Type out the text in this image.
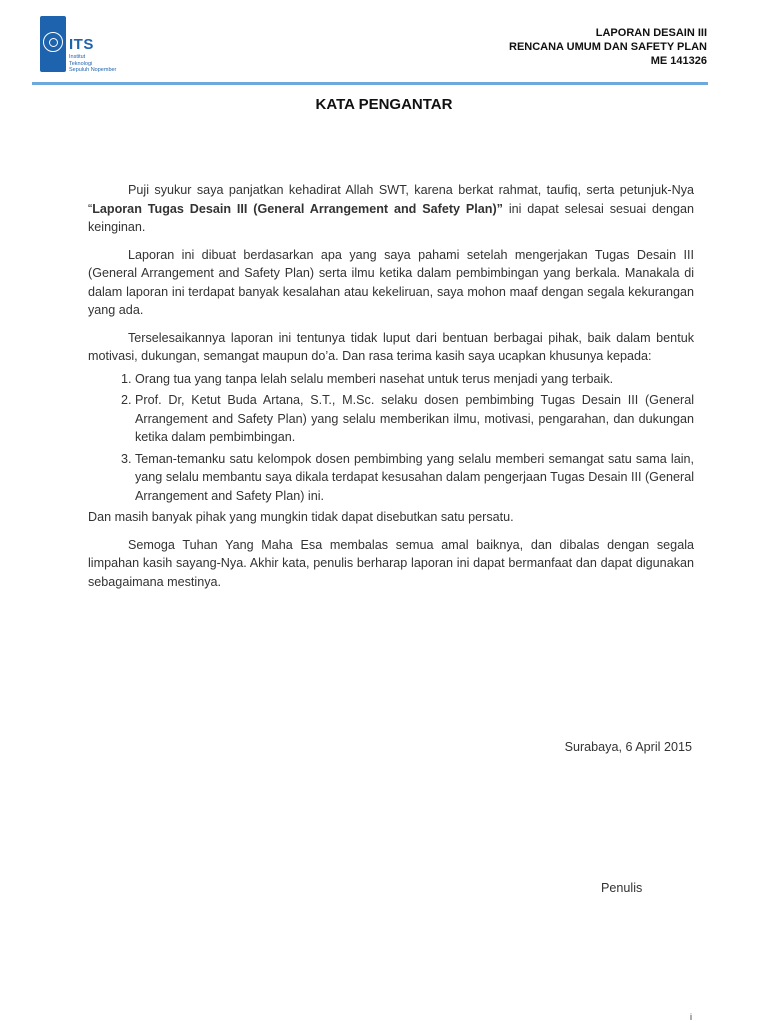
ITS
Institut
Teknologi
Sepuluh Nopember
LAPORAN DESAIN III
RENCANA UMUM DAN SAFETY PLAN
ME 141326
KATA PENGANTAR

Puji syukur saya panjatkan kehadirat Allah SWT, karena berkat rahmat, taufiq, serta petunjuk-Nya “Laporan Tugas Desain III (General Arrangement and Safety Plan)” ini dapat selesai sesuai dengan keinginan.

Laporan ini dibuat berdasarkan apa yang saya pahami setelah mengerjakan Tugas Desain III (General Arrangement and Safety Plan) serta ilmu ketika dalam pembimbingan yang berkala. Manakala di dalam laporan ini terdapat banyak kesalahan atau kekeliruan, saya mohon maaf dengan segala kekurangan yang ada.

Terselesaikannya laporan ini tentunya tidak luput dari bentuan berbagai pihak, baik dalam bentuk motivasi, dukungan, semangat maupun do’a. Dan rasa terima kasih saya ucapkan khusunya kepada:

1. Orang tua yang tanpa lelah selalu memberi nasehat untuk terus menjadi yang terbaik.
2. Prof. Dr, Ketut Buda Artana, S.T., M.Sc. selaku dosen pembimbing Tugas Desain III (General Arrangement and Safety Plan) yang selalu memberikan ilmu, motivasi, pengarahan, dan dukungan ketika dalam pembimbingan.
3. Teman-temanku satu kelompok dosen pembimbing yang selalu memberi semangat satu sama lain, yang selalu membantu saya dikala terdapat kesusahan dalam pengerjaan Tugas Desain III (General Arrangement and Safety Plan) ini.

Dan masih banyak pihak yang mungkin tidak dapat disebutkan satu persatu.

Semoga Tuhan Yang Maha Esa membalas semua amal baiknya, dan dibalas dengan segala limpahan kasih sayang-Nya. Akhir kata, penulis berharap laporan ini dapat bermanfaat dan dapat digunakan sebagaimana mestinya.

Surabaya, 6 April 2015
Penulis
i
